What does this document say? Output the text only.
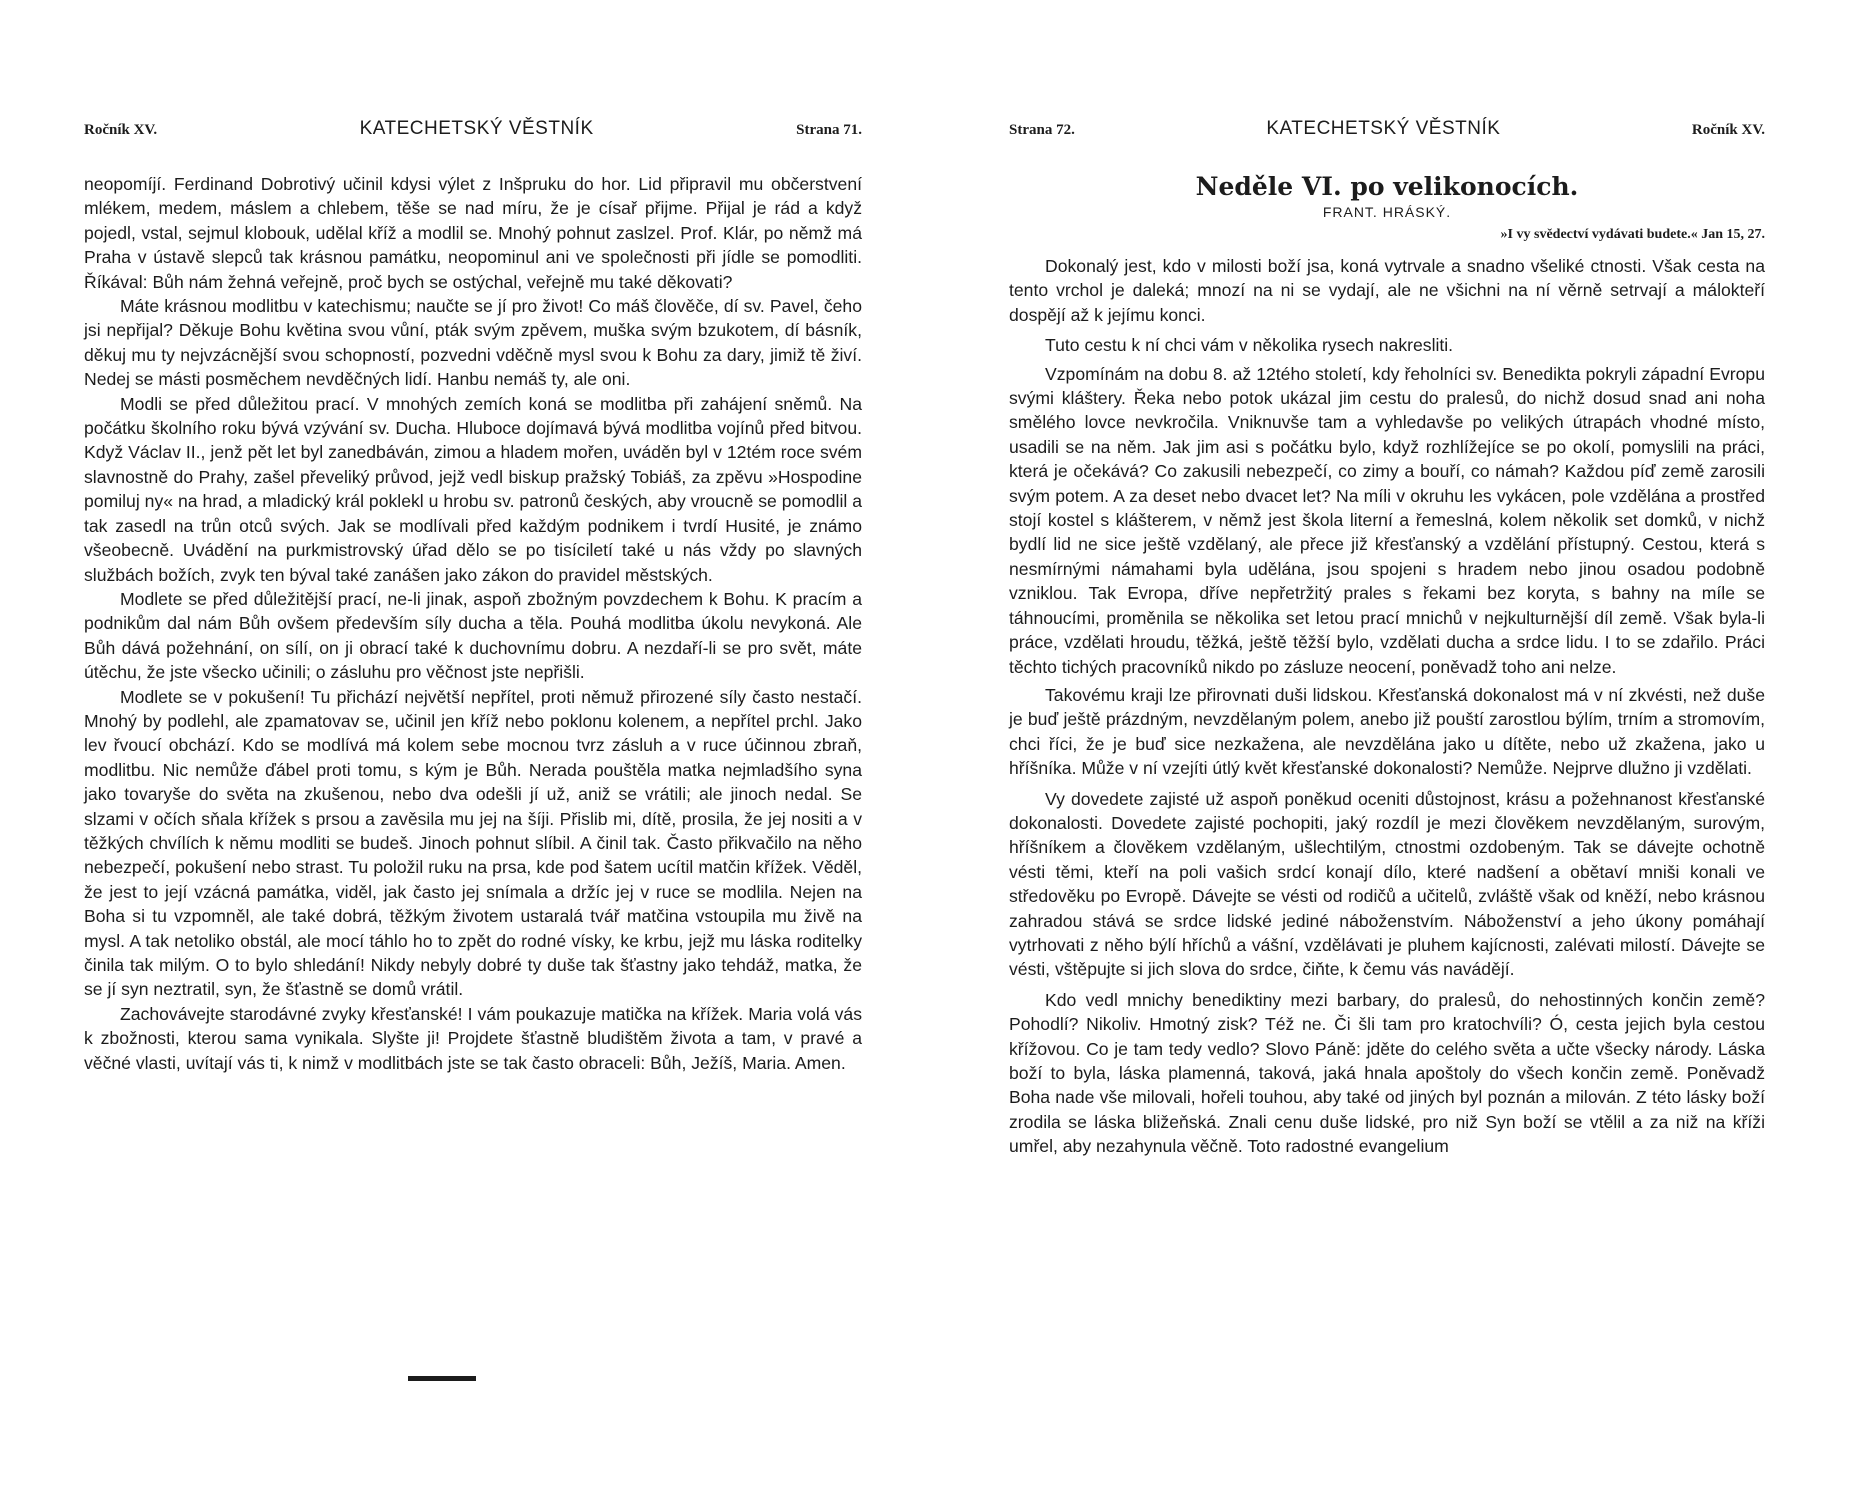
Ročník XV.	KATECHETSKÝ VĚSTNÍK	Strana 71.

neopomíjí. Ferdinand Dobrotivý učinil kdysi výlet z Inšpruku do hor. Lid připravil mu občerstvení mlékem, medem, máslem a chlebem, těše se nad míru, že je císař přijme. Přijal je rád a když pojedl, vstal, sejmul klobouk, udělal kříž a modlil se. Mnohý pohnut zaslzel. Prof. Klár, po němž má Praha v ústavě slepců tak krásnou památku, neopominul ani ve společnosti při jídle se pomodliti. Říkával: Bůh nám žehná veřejně, proč bych se ostýchal, veřejně mu také děkovati?

Máte krásnou modlitbu v katechismu; naučte se jí pro život! Co máš člověče, dí sv. Pavel, čeho jsi nepřijal? Děkuje Bohu květina svou vůní, pták svým zpěvem, muška svým bzukotem, dí básník, děkuj mu ty nejvzácnější svou schopností, pozvedni vděčně mysl svou k Bohu za dary, jimiž tě živí. Nedej se másti posměchem nevděčných lidí. Hanbu nemáš ty, ale oni.

Modli se před důležitou prací. V mnohých zemích koná se modlitba při zahájení sněmů. Na počátku školního roku bývá vzývání sv. Ducha. Hluboce dojímavá bývá modlitba vojínů před bitvou. Když Václav II., jenž pět let byl zanedbáván, zimou a hladem mořen, uváděn byl v 12tém roce svém slavnostně do Prahy, zašel převeliký průvod, jejž vedl biskup pražský Tobiáš, za zpěvu »Hospodine pomiluj ny« na hrad, a mladický král poklekl u hrobu sv. patronů českých, aby vroucně se pomodlil a tak zasedl na trůn otců svých. Jak se modlívali před každým podnikem i tvrdí Husité, je známo všeobecně. Uvádění na purkmistrovský úřad dělo se po tisíciletí také u nás vždy po slavných službách božích, zvyk ten býval také zanášen jako zákon do pravidel městských.

Modlete se před důležitější prací, ne-li jinak, aspoň zbožným povzdechem k Bohu. K pracím a podnikům dal nám Bůh ovšem především síly ducha a těla. Pouhá modlitba úkolu nevykoná. Ale Bůh dává požehnání, on sílí, on ji obrací také k duchovnímu dobru. A nezdaří-li se pro svět, máte útěchu, že jste všecko učinili; o zásluhu pro věčnost jste nepřišli.

Modlete se v pokušení! Tu přichází největší nepřítel, proti němuž přirozené síly často nestačí. Mnohý by podlehl, ale zpamatovav se, učinil jen kříž nebo poklonu kolenem, a nepřítel prchl. Jako lev řvoucí obchází. Kdo se modlívá má kolem sebe mocnou tvrz zásluh a v ruce účinnou zbraň, modlitbu. Nic nemůže ďábel proti tomu, s kým je Bůh. Nerada pouštěla matka nejmladšího syna jako tovaryše do světa na zkušenou, nebo dva odešli jí už, aniž se vrátili; ale jinoch nedal. Se slzami v očích sňala křížek s prsou a zavěsila mu jej na šíji. Přislib mi, dítě, prosila, že jej nositi a v těžkých chvílích k němu modliti se budeš. Jinoch pohnut slíbil. A činil tak. Často přikvačilo na něho nebezpečí, pokušení nebo strast. Tu položil ruku na prsa, kde pod šatem ucítil matčin křížek. Věděl, že jest to její vzácná památka, viděl, jak často jej snímala a držíc jej v ruce se modlila. Nejen na Boha si tu vzpomněl, ale také dobrá, těžkým životem ustaralá tvář matčina vstoupila mu živě na mysl. A tak netoliko obstál, ale mocí táhlo ho to zpět do rodné vísky, ke krbu, jejž mu láska roditelky činila tak milým. O to bylo shledání! Nikdy nebyly dobré ty duše tak šťastny jako tehdáž, matka, že se jí syn neztratil, syn, že šťastně se domů vrátil.

Zachovávejte starodávné zvyky křesťanské! I vám poukazuje matička na křížek. Maria volá vás k zbožnosti, kterou sama vynikala. Slyšte ji! Projdete šťastně bludištěm života a tam, v pravé a věčné vlasti, uvítají vás ti, k nimž v modlitbách jste se tak často obraceli: Bůh, Ježíš, Maria. Amen.

Strana 72.	KATECHETSKÝ VĚSTNÍK	Ročník XV.
Neděle VI. po velikonocích.
FRANT. HRÁSKÝ.
»I vy svědectví vydávati budete.« Jan 15, 27.

Dokonalý jest, kdo v milosti boží jsa, koná vytrvale a snadno všeliké ctnosti. Však cesta na tento vrchol je daleká; mnozí na ni se vydají, ale ne všichni na ní věrně setrvají a málokteří dospějí až k jejímu konci.

Tuto cestu k ní chci vám v několika rysech nakresliti.

Vzpomínám na dobu 8. až 12tého století, kdy řeholníci sv. Benedikta pokryli západní Evropu svými kláštery. Řeka nebo potok ukázal jim cestu do pralesů, do nichž dosud snad ani noha smělého lovce nevkročila. Vniknuvše tam a vyhledavše po velikých útrapách vhodné místo, usadili se na něm. Jak jim asi s počátku bylo, když rozhlížejíce se po okolí, pomyslili na práci, která je očekává? Co zakusili nebezpečí, co zimy a bouří, co námah? Každou píď země zarosili svým potem. A za deset nebo dvacet let? Na míli v okruhu les vykácen, pole vzdělána a prostřed stojí kostel s klášterem, v němž jest škola literní a řemeslná, kolem několik set domků, v nichž bydlí lid ne sice ještě vzdělaný, ale přece již křesťanský a vzdělání přístupný. Cestou, která s nesmírnými námahami byla udělána, jsou spojeni s hradem nebo jinou osadou podobně vzniklou. Tak Evropa, dříve nepřetržitý prales s řekami bez koryta, s bahny na míle se táhnoucími, proměnila se několika set letou prací mnichů v nejkulturnější díl země. Však byla-li práce, vzdělati hroudu, těžká, ještě těžší bylo, vzdělati ducha a srdce lidu. I to se zdařilo. Práci těchto tichých pracovníků nikdo po zásluze neocení, poněvadž toho ani nelze.

Takovému kraji lze přirovnati duši lidskou. Křesťanská dokonalost má v ní zkvésti, než duše je buď ještě prázdným, nevzdělaným polem, anebo již pouští zarostlou býlím, trním a stromovím, chci říci, že je buď sice nezkažena, ale nevzdělána jako u dítěte, nebo už zkažena, jako u hříšníka. Může v ní vzejíti útlý květ křesťanské dokonalosti? Nemůže. Nejprve dlužno ji vzdělati.

Vy dovedete zajisté už aspoň poněkud oceniti důstojnost, krásu a požehnanost křesťanské dokonalosti. Dovedete zajisté pochopiti, jaký rozdíl je mezi člověkem nevzdělaným, surovým, hříšníkem a člověkem vzdělaným, ušlechtilým, ctnostmi ozdobeným. Tak se dávejte ochotně vésti těmi, kteří na poli vašich srdcí konají dílo, které nadšení a obětaví mniši konali ve středověku po Evropě. Dávejte se vésti od rodičů a učitelů, zvláště však od kněží, nebo krásnou zahradou stává se srdce lidské jediné náboženstvím. Náboženství a jeho úkony pomáhají vytrhovati z něho býlí hříchů a vášní, vzdělávati je pluhem kajícnosti, zalévati milostí. Dávejte se vésti, vštěpujte si jich slova do srdce, čiňte, k čemu vás navádějí.

Kdo vedl mnichy benediktiny mezi barbary, do pralesů, do nehostinných končin země? Pohodlí? Nikoliv. Hmotný zisk? Též ne. Či šli tam pro kratochvíli? Ó, cesta jejich byla cestou křížovou. Co je tam tedy vedlo? Slovo Páně: jděte do celého světa a učte všecky národy. Láska boží to byla, láska plamenná, taková, jaká hnala apoštoly do všech končin země. Poněvadž Boha nade vše milovali, hořeli touhou, aby také od jiných byl poznán a milován. Z této lásky boží zrodila se láska bližeňská. Znali cenu duše lidské, pro niž Syn boží se vtělil a za niž na kříži umřel, aby nezahynula věčně. Toto radostné evangelium
